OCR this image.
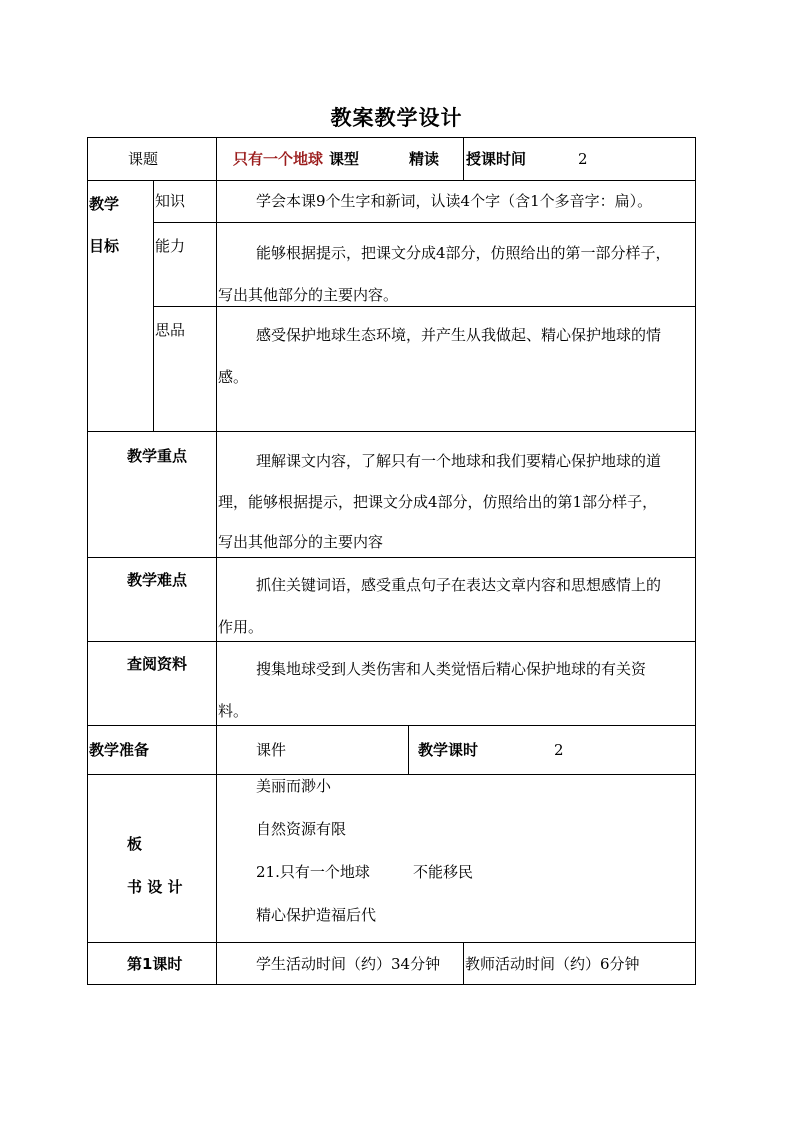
教案教学设计
课题	只有一个地球 课型	精读 授课时间	2
教学
目标
知识	学会本课9个生字和新词，认读4个字（含1个多音字：扁）。
能力	能够根据提示，把课文分成4部分，仿照给出的第一部分样子，
写出其他部分的主要内容。
思品	感受保护地球生态环境，并产生从我做起、精心保护地球的情
感。
教学重点	理解课文内容，了解只有一个地球和我们要精心保护地球的道
理，能够根据提示，把课文分成4部分，仿照给出的第1部分样子，
写出其他部分的主要内容
教学难点	抓住关键词语，感受重点句子在表达文章内容和思想感情上的
作用。
查阅资料	搜集地球受到人类伤害和人类觉悟后精心保护地球的有关资
料。
教学准备	课件	教学课时	2
板
书 设 计
美丽而渺小
自然资源有限
21.只有一个地球	不能移民
精心保护造福后代
第1课时	学生活动时间（约）34分钟 教师活动时间（约）6分钟
